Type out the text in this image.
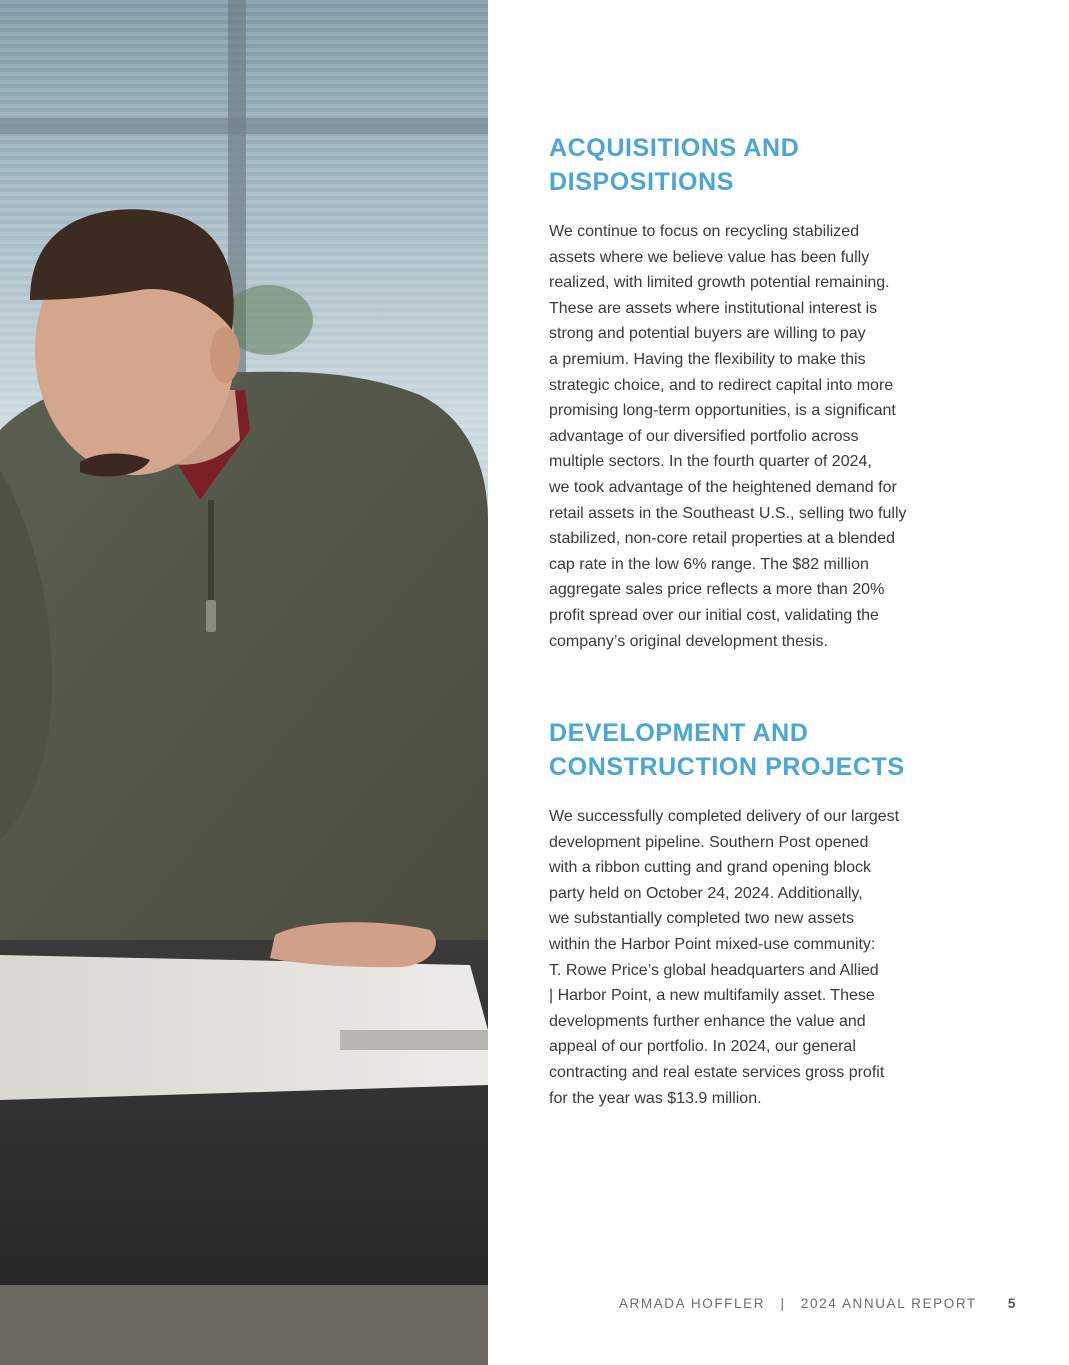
ACQUISITIONS AND
DISPOSITIONS

We continue to focus on recycling stabilized
assets where we believe value has been fully
realized, with limited growth potential remaining.
These are assets where institutional interest is
strong and potential buyers are willing to pay
a premium. Having the flexibility to make this
strategic choice, and to redirect capital into more
promising long-term opportunities, is a significant
advantage of our diversified portfolio across
multiple sectors. In the fourth quarter of 2024,
we took advantage of the heightened demand for
retail assets in the Southeast U.S., selling two fully
stabilized, non-core retail properties at a blended
cap rate in the low 6% range. The $82 million
aggregate sales price reflects a more than 20%
profit spread over our initial cost, validating the
company’s original development thesis.

DEVELOPMENT AND
CONSTRUCTION PROJECTS

We successfully completed delivery of our largest
development pipeline. Southern Post opened
with a ribbon cutting and grand opening block
party held on October 24, 2024. Additionally,
we substantially completed two new assets
within the Harbor Point mixed-use community:
T. Rowe Price’s global headquarters and Allied
| Harbor Point, a new multifamily asset. These
developments further enhance the value and
appeal of our portfolio. In 2024, our general
contracting and real estate services gross profit
for the year was $13.9 million.

ARMADA HOFFLER | 2024 ANNUAL REPORT 5
